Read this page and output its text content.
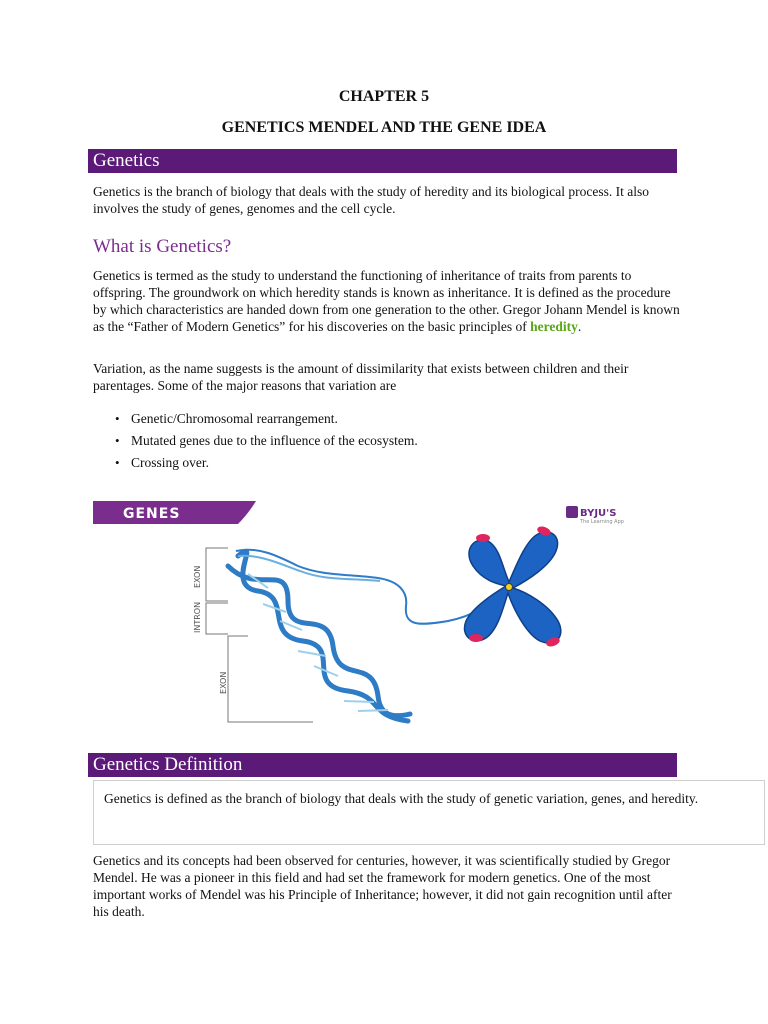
CHAPTER 5
GENETICS MENDEL AND THE GENE IDEA
Genetics

Genetics is the branch of biology that deals with the study of heredity and its biological process. It also involves the study of genes, genomes and the cell cycle.

What is Genetics?

Genetics is termed as the study to understand the functioning of inheritance of traits from parents to offspring. The groundwork on which heredity stands is known as inheritance. It is defined as the procedure by which characteristics are handed down from one generation to the other. Gregor Johann Mendel is known as the “Father of Modern Genetics” for his discoveries on the basic principles of heredity.

Variation, as the name suggests is the amount of dissimilarity that exists between children and their parentages. Some of the major reasons that variation are

• Genetic/Chromosomal rearrangement.
• Mutated genes due to the influence of the ecosystem.
• Crossing over.
GENES	BYJU'S
The Learning App
EXON
INTRON
EXON
Genetics Definition

Genetics is defined as the branch of biology that deals with the study of genetic variation, genes, and heredity.

Genetics and its concepts had been observed for centuries, however, it was scientifically studied by Gregor Mendel. He was a pioneer in this field and had set the framework for modern genetics. One of the most important works of Mendel was his Principle of Inheritance; however, it did not gain recognition until after his death.
